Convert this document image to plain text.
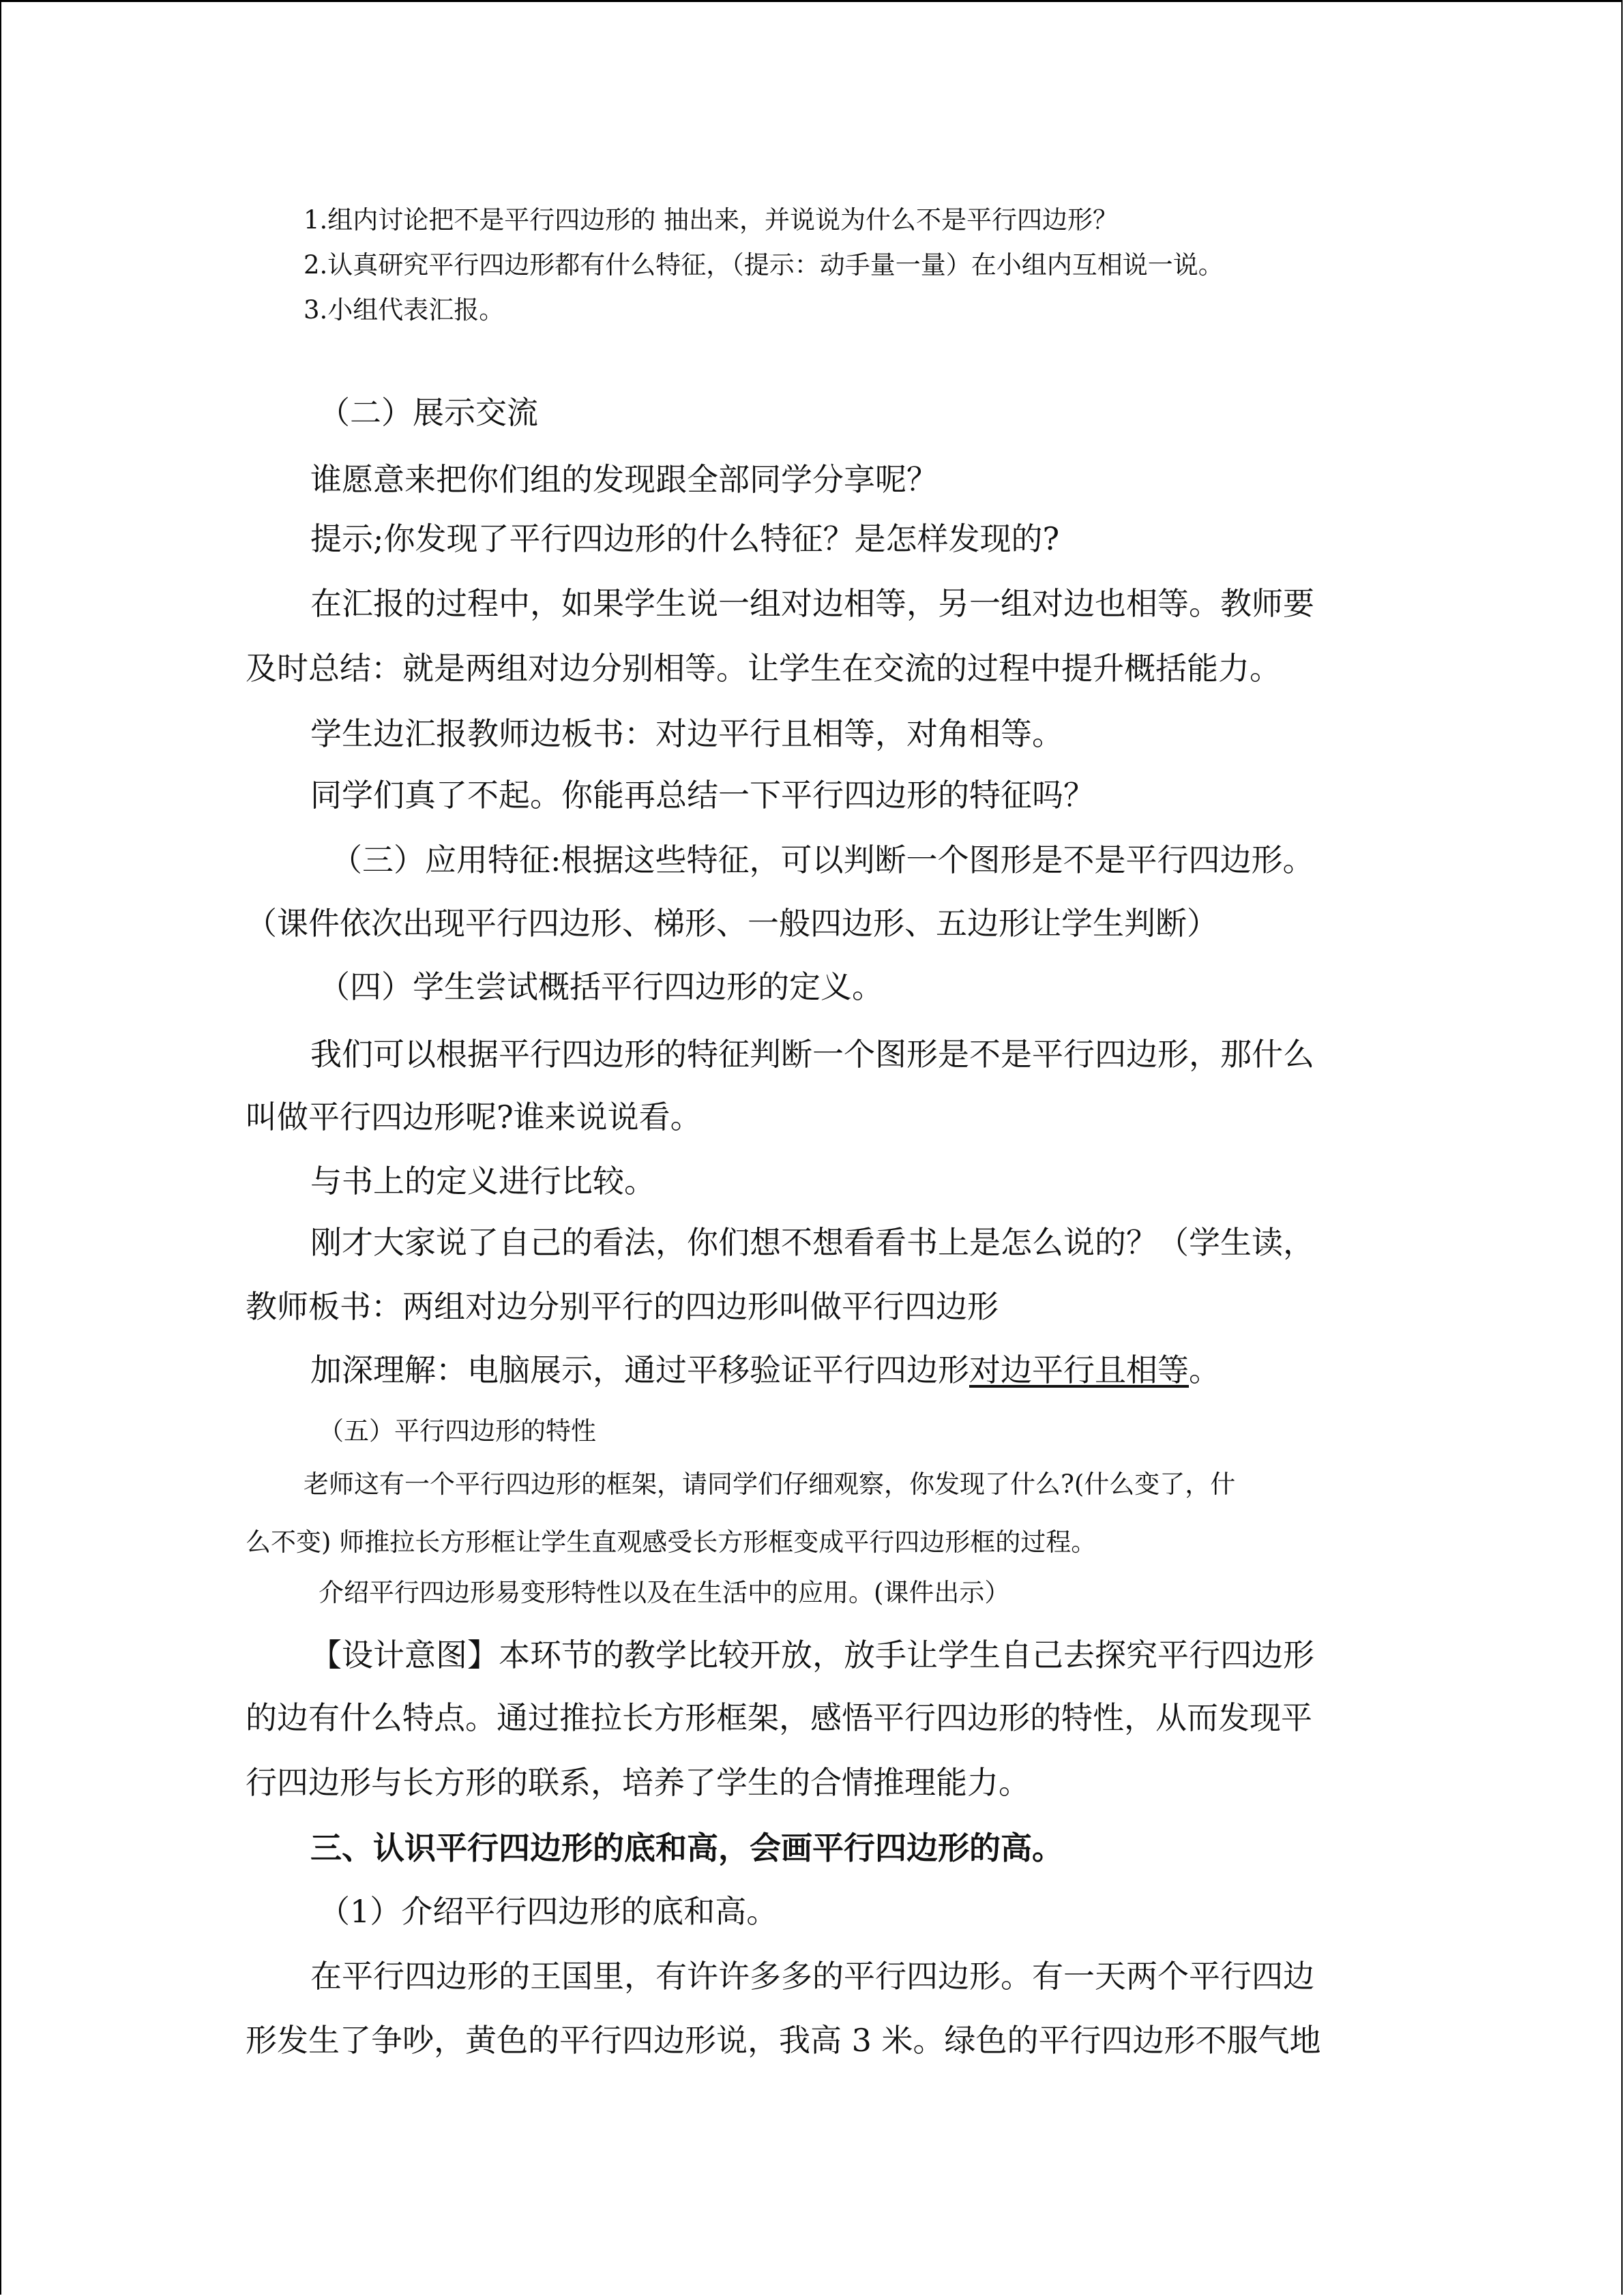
1.组内讨论把不是平行四边形的 抽出来，并说说为什么不是平行四边形？

2.认真研究平行四边形都有什么特征，（提示：动手量一量）在小组内互相说一说。

3.小组代表汇报。

（二）展示交流

谁愿意来把你们组的发现跟全部同学分享呢？

提示;你发现了平行四边形的什么特征？是怎样发现的?

在汇报的过程中，如果学生说一组对边相等，另一组对边也相等。教师要

及时总结：就是两组对边分别相等。让学生在交流的过程中提升概括能力。

学生边汇报教师边板书：对边平行且相等，对角相等。

同学们真了不起。你能再总结一下平行四边形的特征吗？

（三）应用特征:根据这些特征，可以判断一个图形是不是平行四边形。

（课件依次出现平行四边形、梯形、一般四边形、五边形让学生判断）

（四）学生尝试概括平行四边形的定义。

我们可以根据平行四边形的特征判断一个图形是不是平行四边形，那什么

叫做平行四边形呢?谁来说说看。

与书上的定义进行比较。

刚才大家说了自己的看法，你们想不想看看书上是怎么说的？（学生读，

教师板书：两组对边分别平行的四边形叫做平行四边形

加深理解：电脑展示，通过平移验证平行四边形对边平行且相等。

（五）平行四边形的特性

老师这有一个平行四边形的框架，请同学们仔细观察，你发现了什么?(什么变了，什

么不变) 师推拉长方形框让学生直观感受长方形框变成平行四边形框的过程。

介绍平行四边形易变形特性以及在生活中的应用。(课件出示）

【设计意图】本环节的教学比较开放，放手让学生自己去探究平行四边形

的边有什么特点。通过推拉长方形框架，感悟平行四边形的特性，从而发现平

行四边形与长方形的联系，培养了学生的合情推理能力。

三、认识平行四边形的底和高，会画平行四边形的高。

（1）介绍平行四边形的底和高。

在平行四边形的王国里，有许许多多的平行四边形。有一天两个平行四边

形发生了争吵，黄色的平行四边形说，我高 3 米。绿色的平行四边形不服气地
